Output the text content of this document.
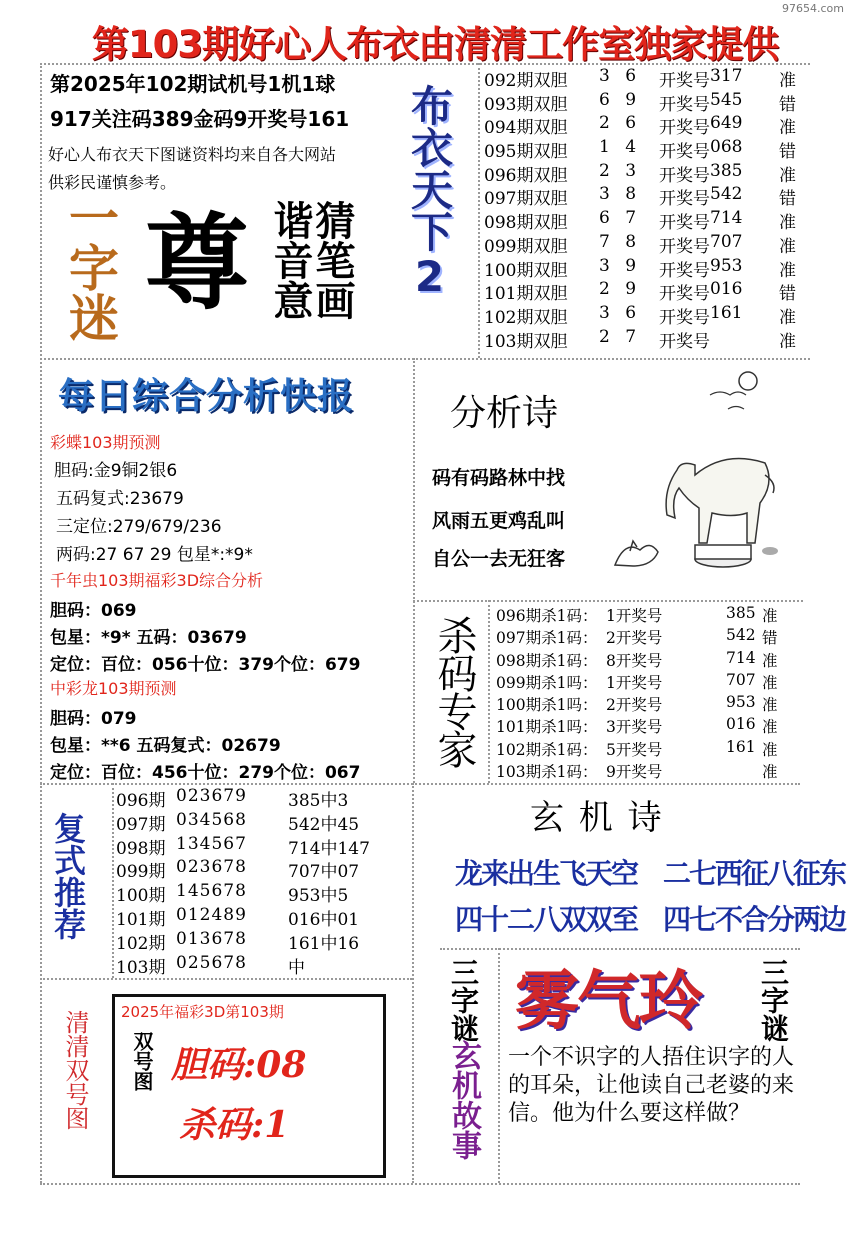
97654.com
第103期好心人布衣由清清工作室独家提供
第2025年102期试机号1机1球
917关注码389金码9开奖号161
好心人布衣天下图谜资料均来自各大网站
供彩民谨慎参考。
一字迷 尊 猜笔画
谐音意 布衣天下2
092期双胆 3 6 开奖号 317 准
093期双胆 6 9 开奖号 545 错
094期双胆 2 6 开奖号 649 准
095期双胆 1 4 开奖号 068 错
096期双胆 2 3 开奖号 385 准
097期双胆 3 8 开奖号 542 错
098期双胆 6 7 开奖号 714 准
099期双胆 7 8 开奖号 707 准
100期双胆 3 9 开奖号 953 准
101期双胆 2 9 开奖号 016 错
102期双胆 3 6 开奖号 161 准
103期双胆 2 7 开奖号	准
每日综合分析快报
彩蝶103期预测
胆码:金9铜2银6
五码复式:23679
三定位:279/679/236
两码:27 67 29 包星*:*9*
千年虫103期福彩3D综合分析
胆码：069
包星：*9* 五码：03679
定位：百位：056十位：379个位：679
中彩龙103期预测
胆码：079
包星：**6 五码复式：02679
定位：百位：456十位：279个位：067
分析诗
码有码路林中找
风雨五更鸡乱叫
自公一去无狂客
杀码专家 096期杀1码： 1开奖号	385 准
097期杀1码： 2开奖号	542 错
098期杀1码： 8开奖号	714 准
099期杀1吗： 1开奖号	707 准
100期杀1吗： 2开奖号	953 准
101期杀1吗： 3开奖号	016 准
102期杀1码： 5开奖号	161 准
103期杀1码： 9开奖号	准
复式推荐
096期 023679 385中3
097期 034568 542中45
098期 134567 714中147
099期 023678 707中07
100期 145678 953中5
101期 012489 016中01
102期 013678 161中16
103期 025678 中
玄 机 诗
龙来出生飞天空　二七西征八征东
四十二八双双至　四七不合分两边
清清双号图 2025年福彩3D第103期
双号图 胆码:08
杀码:1
三字谜 雾气玲 三字谜
玄机故事 一个不识字的人捂住识字的人的耳朵，让他读自己老婆的来信。他为什么要这样做？
